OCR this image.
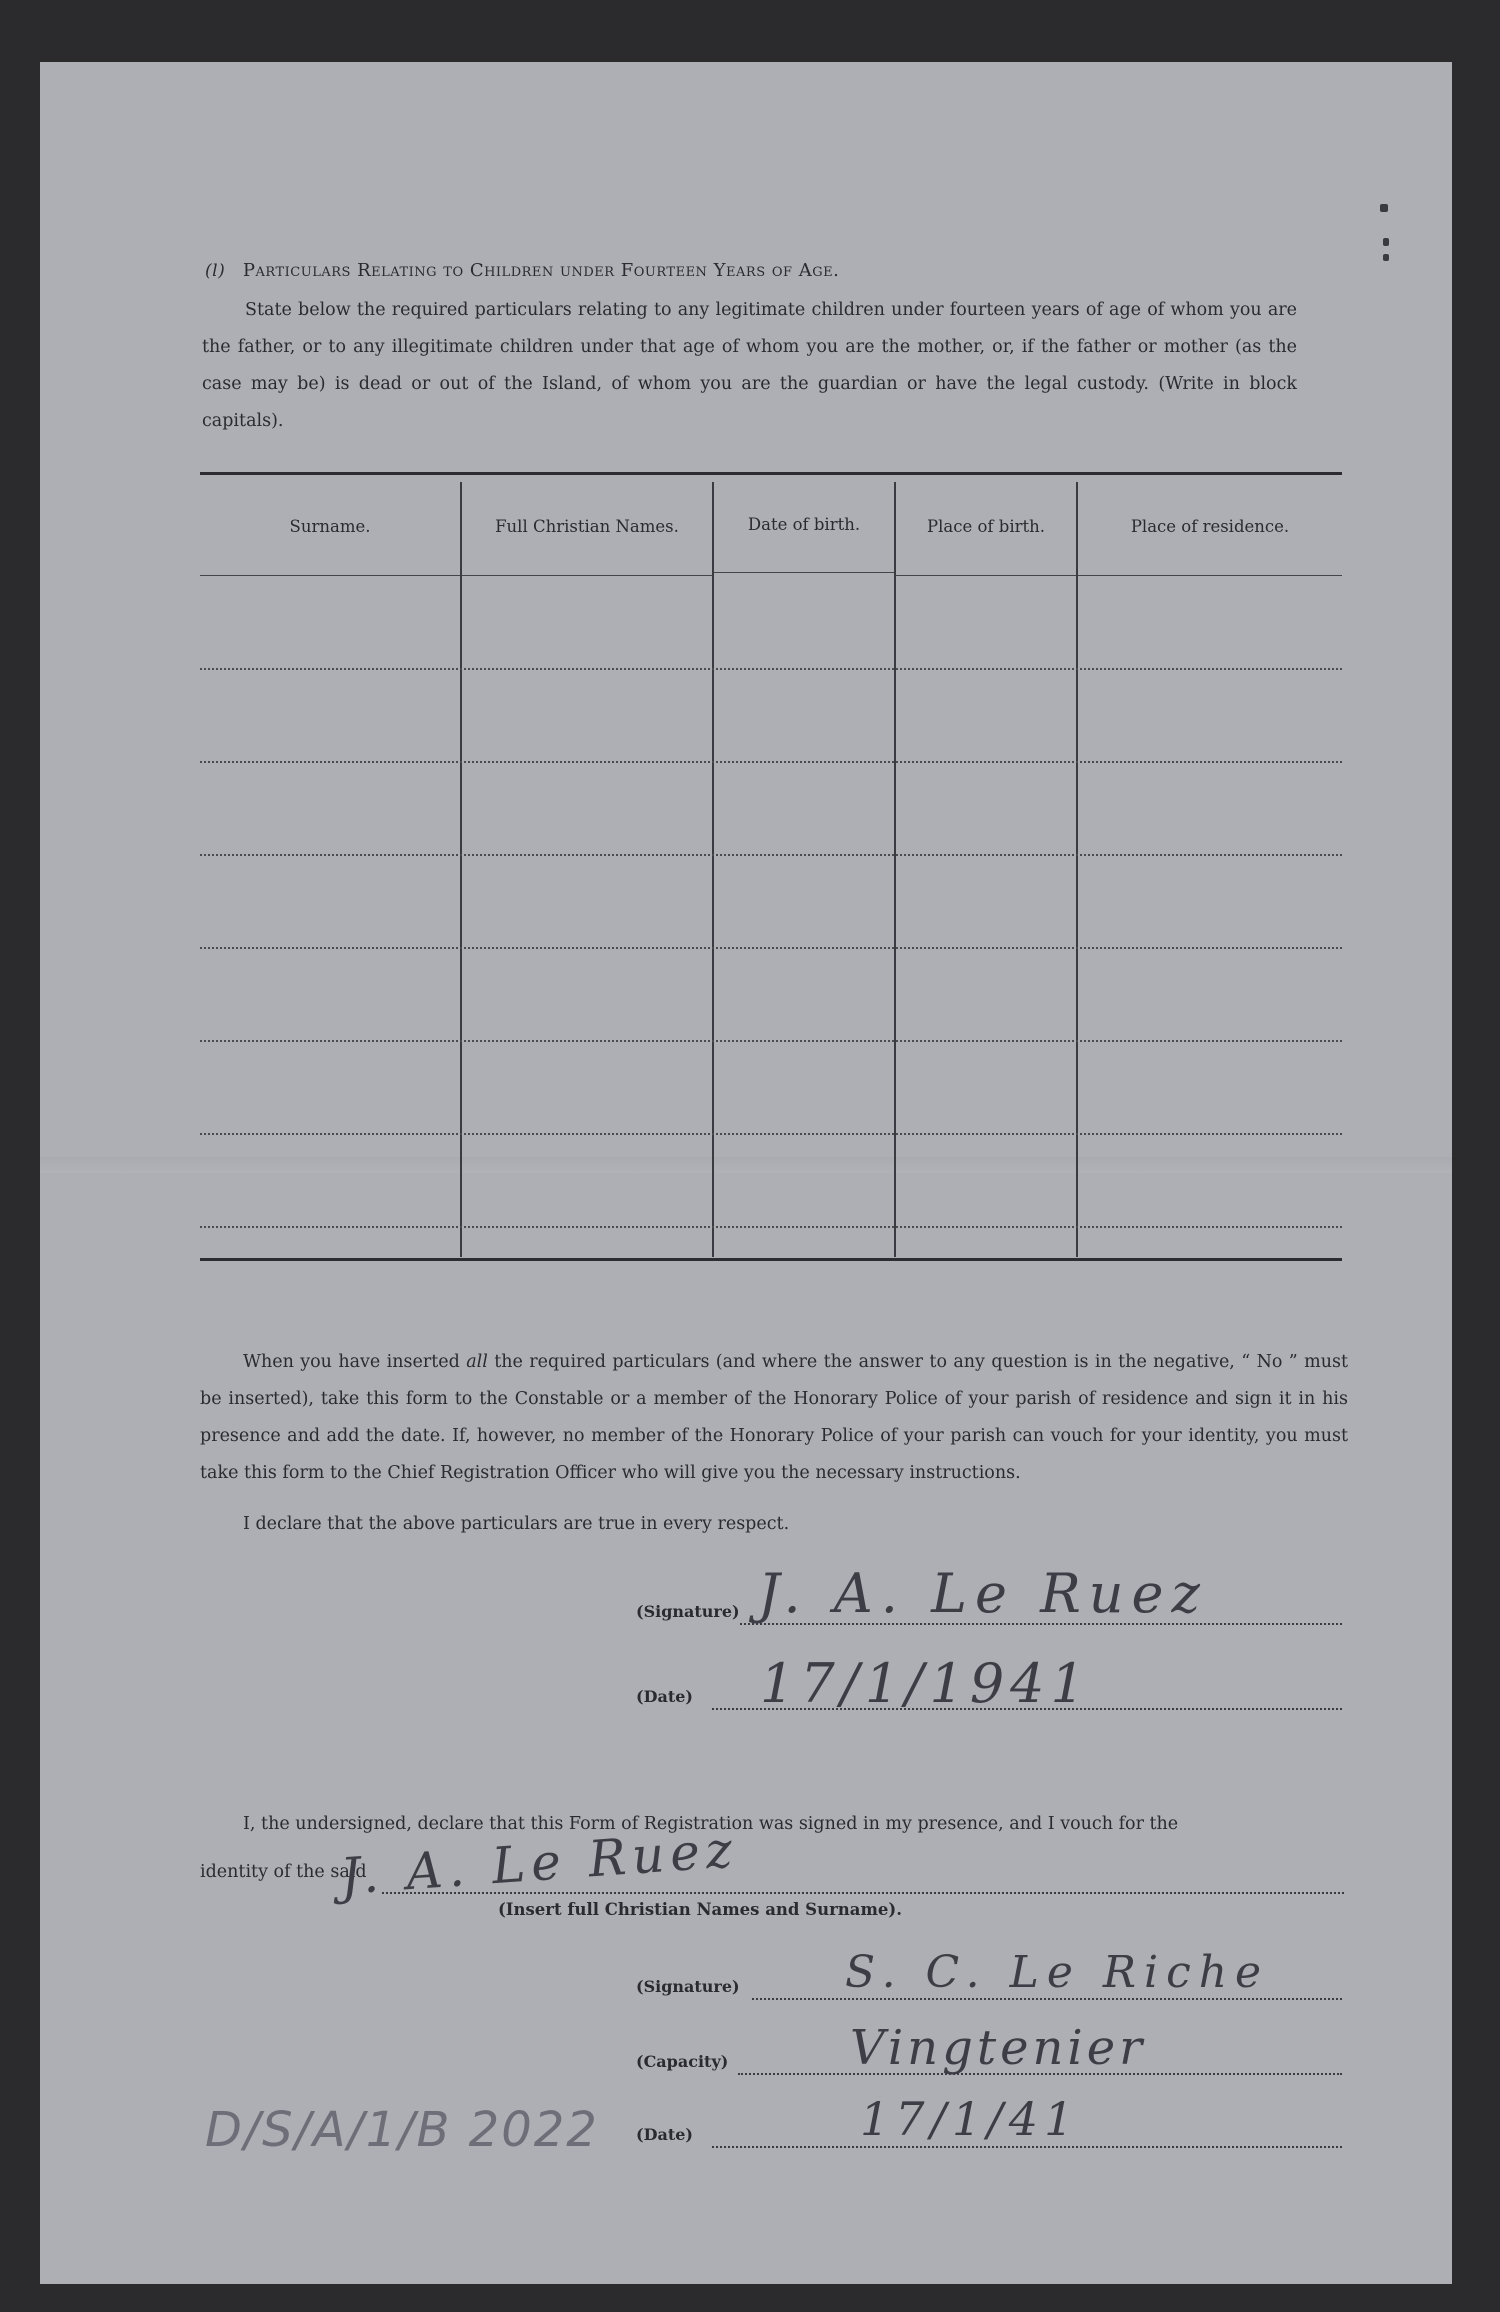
(l) Particulars Relating to Children under Fourteen Years of Age.
State below the required particulars relating to any legitimate children under fourteen years of age of whom you are the father, or to any illegitimate children under that age of whom you are the mother, or, if the father or mother (as the case may be) is dead or out of the Island, of whom you are the guardian or have the legal custody. (Write in block capitals).
Surname.	Full Christian Names.	Date of birth.	Place of birth.	Place of residence.
When you have inserted all the required particulars (and where the answer to any question is in the negative, “ No ” must be inserted), take this form to the Constable or a member of the Honorary Police of your parish of residence and sign it in his presence and add the date. If, however, no member of the Honorary Police of your parish can vouch for your identity, you must take this form to the Chief Registration Officer who will give you the necessary instructions.
I declare that the above particulars are true in every respect.
(Signature) J. A. Le Ruez
(Date) 17/1/1941
I, the undersigned, declare that this Form of Registration was signed in my presence, and I vouch for the
identity of the said
J. A. Le Ruez
(Insert full Christian Names and Surname).
(Signature) S. C. Le Riche
(Capacity)	Vingtenier
(Date)	17/1/41
D/S/A/1/B 2022
